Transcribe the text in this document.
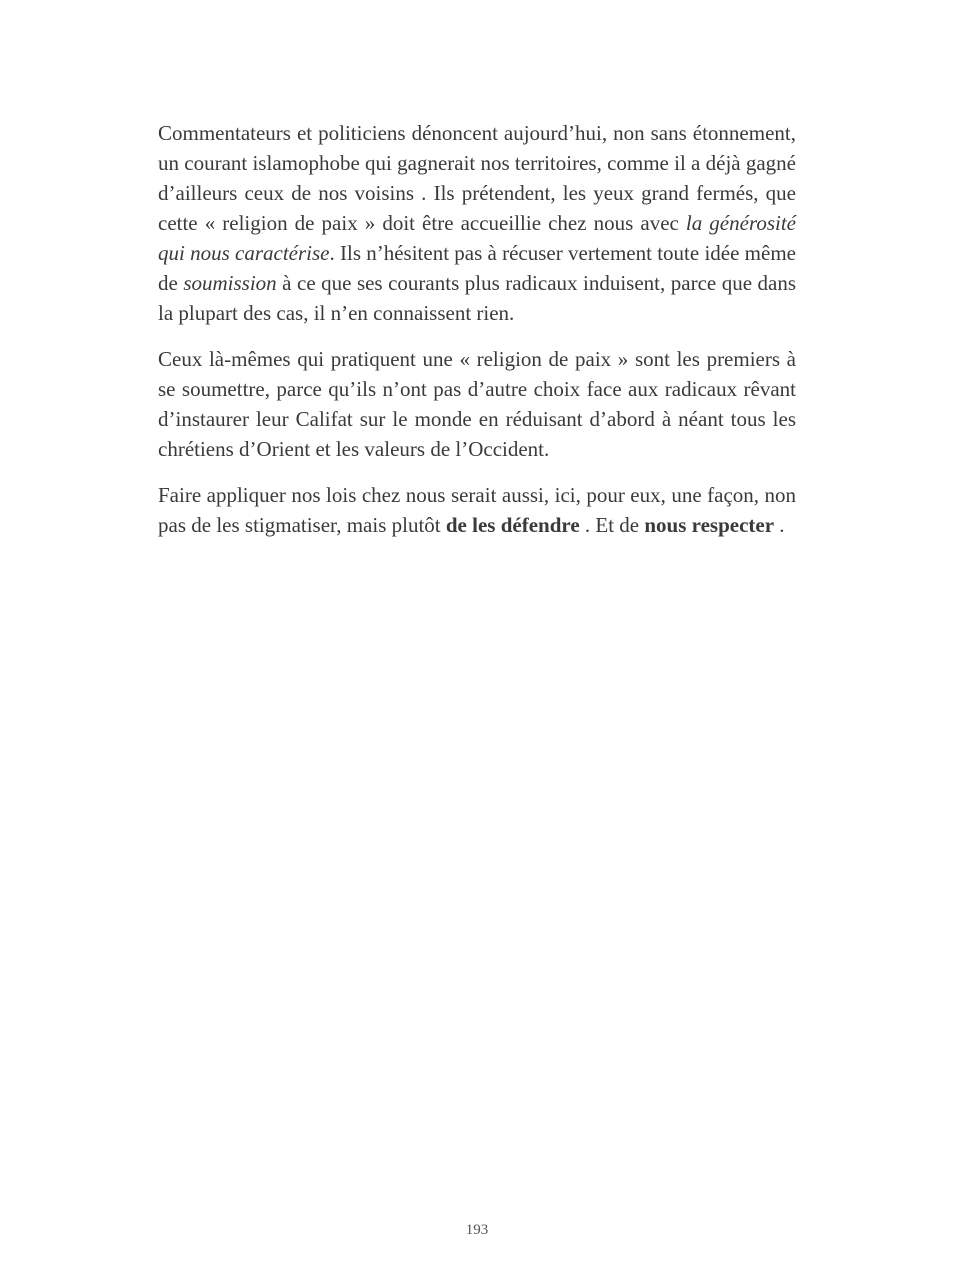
Commentateurs et politiciens dénoncent aujourd’hui, non sans étonnement, un courant islamophobe qui gagnerait nos territoires, comme il a déjà gagné d’ailleurs ceux de nos voisins . Ils prétendent, les yeux grand fermés, que cette « religion de paix » doit être accueillie chez nous avec la générosité qui nous caractérise. Ils n’hésitent pas à récuser vertement toute idée même de soumission à ce que ses courants plus radicaux induisent, parce que dans la plupart des cas, il n’en connaissent rien.

Ceux là-mêmes qui pratiquent une « religion de paix » sont les premiers à se soumettre, parce qu’ils n’ont pas d’autre choix face aux radicaux rêvant d’instaurer leur Califat sur le monde en réduisant d’abord à néant tous les chrétiens d’Orient et les valeurs de l’Occident.

Faire appliquer nos lois chez nous serait aussi, ici, pour eux, une façon, non pas de les stigmatiser, mais plutôt de les défendre . Et de nous respecter .

193
